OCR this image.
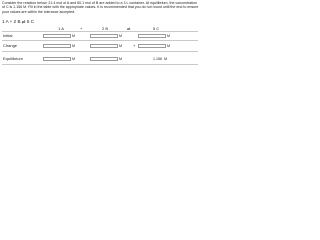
Consider the reaction below. 21.4 mol of A and 60.1 mol of B are added to a 3 L container. At equilibrium, the concentration of C is 1.156 M. Fill in the table with the appropriate values. It is recommended that you do not round until the end to ensure your values are within the tolerance accepted.

1 A + 2 B ⇌ 5 C
1 A	+	2 B	⇌	5 C
Initial	M	M	M
Change	M	M	+	M
Equilibrium	M	M	1.156 M
